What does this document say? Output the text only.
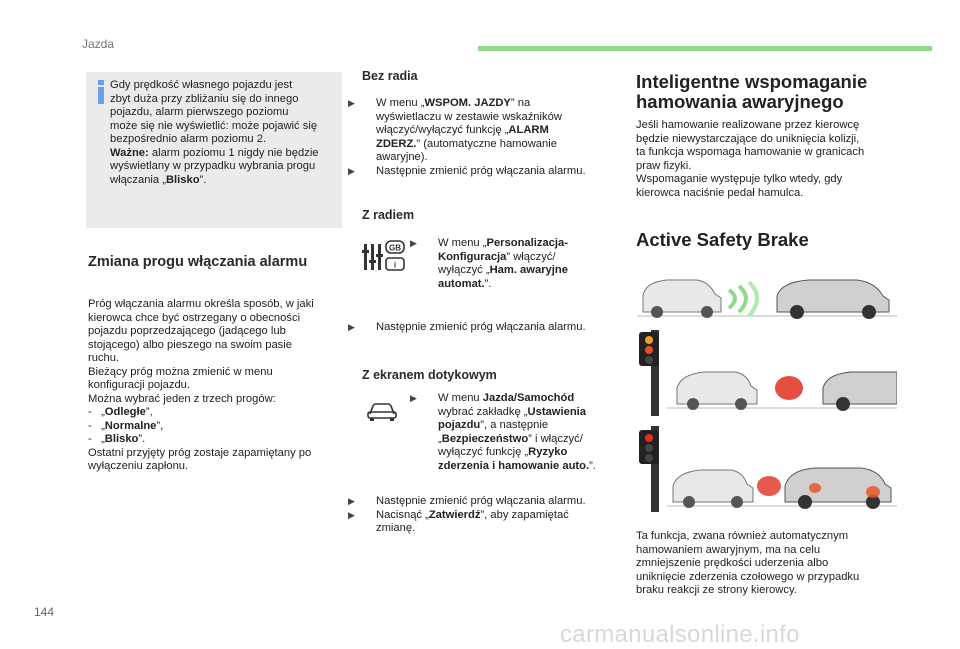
Jazda
Gdy prędkość własnego pojazdu jest
zbyt duża przy zbliżaniu się do innego
pojazdu, alarm pierwszego poziomu
może się nie wyświetlić: może pojawić się
bezpośrednio alarm poziomu 2.
Ważne: alarm poziomu 1 nigdy nie będzie
wyświetlany w przypadku wybrania progu
włączania „Blisko”.
Zmiana progu włączania alarmu
Próg włączania alarmu określa sposób, w jaki
kierowca chce być ostrzegany o obecności
pojazdu poprzedzającego (jadącego lub
stojącego) albo pieszego na swoim pasie
ruchu.
Bieżący próg można zmienić w menu
konfiguracji pojazdu.
Można wybrać jeden z trzech progów:
- „Odległe”,
- „Normalne”,
- „Blisko”.
Ostatni przyjęty próg zostaje zapamiętany po
wyłączeniu zapłonu.
Bez radia
▶ W menu „WSPOM. JAZDY” na
wyświetlaczu w zestawie wskaźników
włączyć/wyłączyć funkcję „ALARM
ZDERZ.” (automatyczne hamowanie
awaryjne).
▶ Następnie zmienić próg włączania alarmu.
Z radiem
GB
i
▶ W menu „Personalizacja-
Konfiguracja” włączyć/
wyłączyć „Ham. awaryjne
automat.”.
▶ Następnie zmienić próg włączania alarmu.
Z ekranem dotykowym
▶ W menu Jazda/Samochód
wybrać zakładkę „Ustawienia
pojazdu”, a następnie
„Bezpieczeństwo” i włączyć/
wyłączyć funkcję „Ryzyko
zderzenia i hamowanie auto.”.
▶ Następnie zmienić próg włączania alarmu.
▶ Nacisnąć „Zatwierdź”, aby zapamiętać
zmianę.
Inteligentne wspomaganie
hamowania awaryjnego
Jeśli hamowanie realizowane przez kierowcę
będzie niewystarczające do uniknięcia kolizji,
ta funkcja wspomaga hamowanie w granicach
praw fizyki.
Wspomaganie występuje tylko wtedy, gdy
kierowca naciśnie pedał hamulca.
Active Safety Brake
Ta funkcja, zwana również automatycznym
hamowaniem awaryjnym, ma na celu
zmniejszenie prędkości uderzenia albo
uniknięcie zderzenia czołowego w przypadku
braku reakcji ze strony kierowcy.
144
carmanualsonline.info
